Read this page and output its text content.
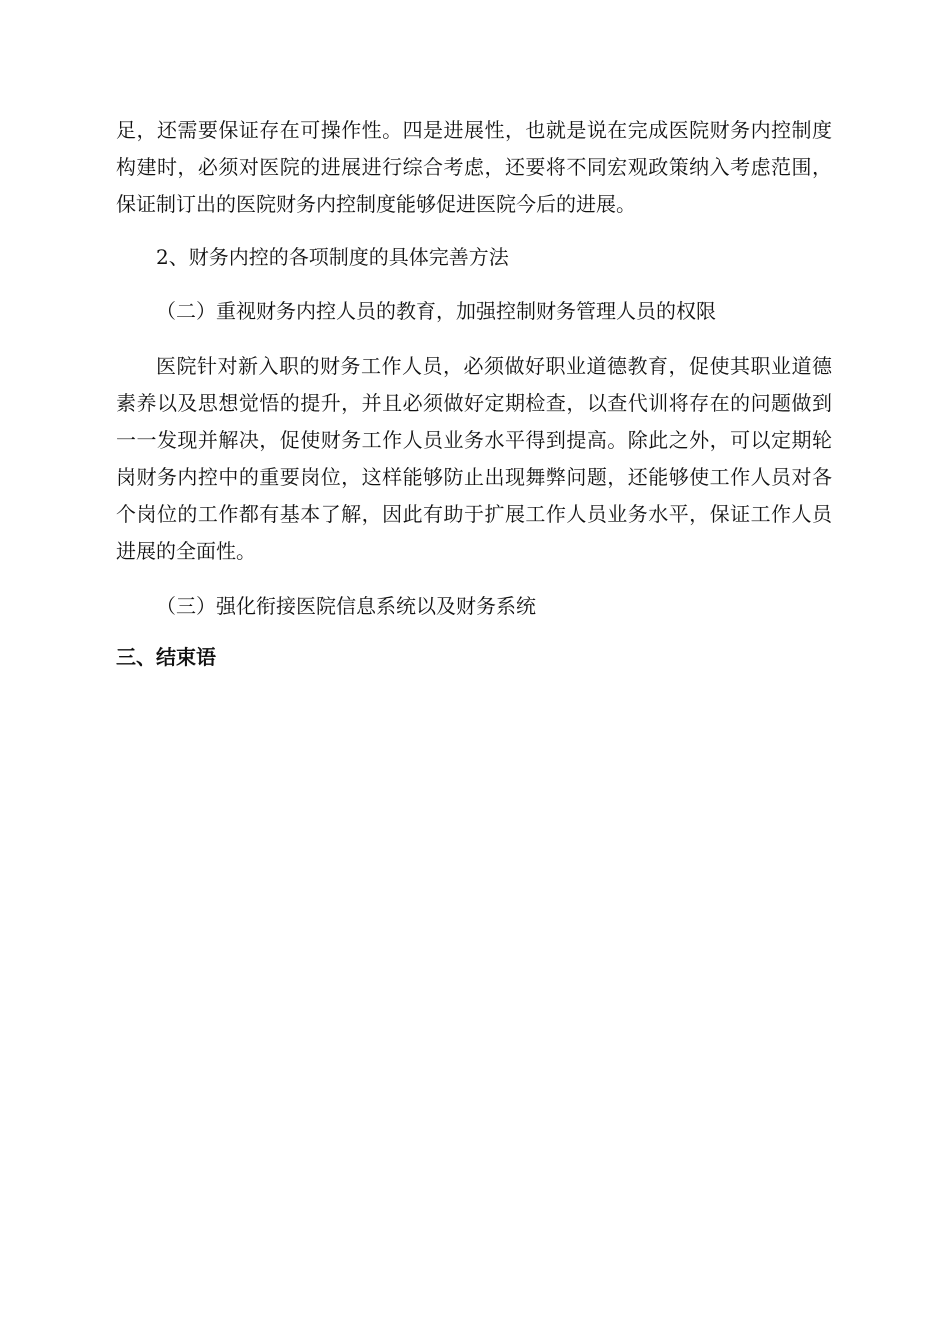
足，还需要保证存在可操作性。四是进展性，也就是说在完成医院财务内控制度构建时，必须对医院的进展进行综合考虑，还要将不同宏观政策纳入考虑范围，保证制订出的医院财务内控制度能够促进医院今后的进展。

2、财务内控的各项制度的具体完善方法

（二）重视财务内控人员的教育，加强控制财务管理人员的权限

医院针对新入职的财务工作人员，必须做好职业道德教育，促使其职业道德素养以及思想觉悟的提升，并且必须做好定期检查，以查代训将存在的问题做到一一发现并解决，促使财务工作人员业务水平得到提高。除此之外，可以定期轮岗财务内控中的重要岗位，这样能够防止出现舞弊问题，还能够使工作人员对各个岗位的工作都有基本了解，因此有助于扩展工作人员业务水平，保证工作人员进展的全面性。

（三）强化衔接医院信息系统以及财务系统

三、结束语
